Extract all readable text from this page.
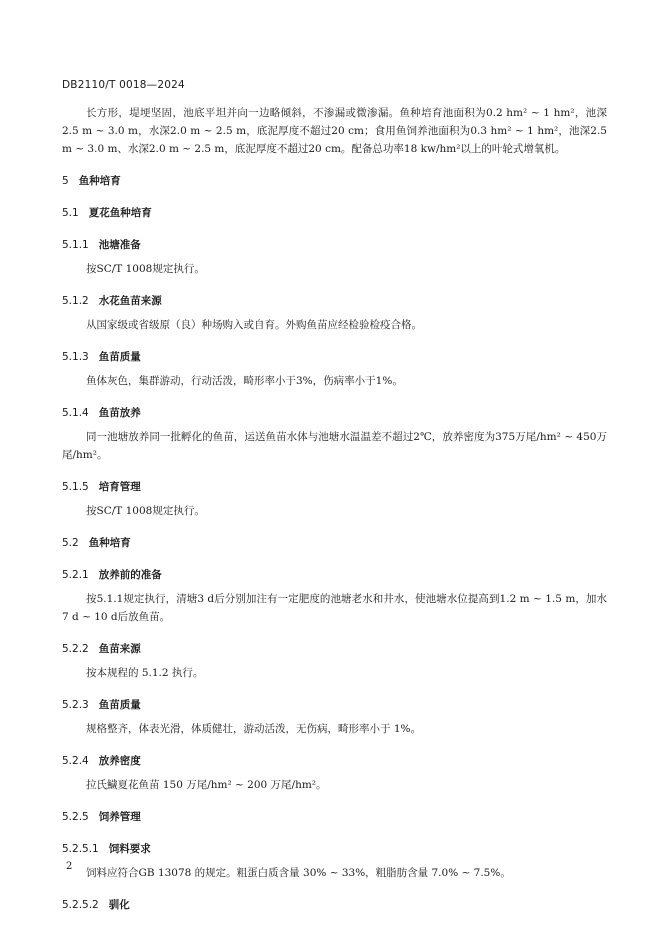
DB2110/T 0018—2024

长方形，堤埂坚固，池底平坦并向一边略倾斜，不渗漏或微渗漏。鱼种培育池面积为0.2 hm² ~ 1 hm²，池深2.5 m ~ 3.0 m，水深2.0 m ~ 2.5 m，底泥厚度不超过20 cm；食用鱼饲养池面积为0.3 hm² ~ 1 hm²，池深2.5 m ~ 3.0 m、水深2.0 m ~ 2.5 m，底泥厚度不超过20 cm。配备总功率18 kw/hm²以上的叶轮式增氧机。

5 鱼种培育
5.1 夏花鱼种培育
5.1.1 池塘准备

按SC/T 1008规定执行。

5.1.2 水花鱼苗来源

从国家级或省级原（良）种场购入或自育。外购鱼苗应经检验检疫合格。

5.1.3 鱼苗质量

鱼体灰色，集群游动，行动活泼，畸形率小于3%，伤病率小于1%。

5.1.4 鱼苗放养

同一池塘放养同一批孵化的鱼苗，运送鱼苗水体与池塘水温温差不超过2℃，放养密度为375万尾/hm² ~ 450万尾/hm²。

5.1.5 培育管理

按SC/T 1008规定执行。

5.2 鱼种培育
5.2.1 放养前的准备

按5.1.1规定执行，清塘3 d后分别加注有一定肥度的池塘老水和井水，使池塘水位提高到1.2 m ~ 1.5 m，加水7 d ~ 10 d后放鱼苗。

5.2.2 鱼苗来源

按本规程的 5.1.2 执行。

5.2.3 鱼苗质量

规格整齐，体表光滑，体质健壮，游动活泼，无伤病，畸形率小于 1%。

5.2.4 放养密度

拉氏鱥夏花鱼苗 150 万尾/hm² ~ 200 万尾/hm²。

5.2.5 饲养管理
5.2.5.1 饲料要求

饲料应符合GB 13078 的规定。粗蛋白质含量 30% ~ 33%，粗脂肪含量 7.0% ~ 7.5%。

5.2.5.2 驯化
2
